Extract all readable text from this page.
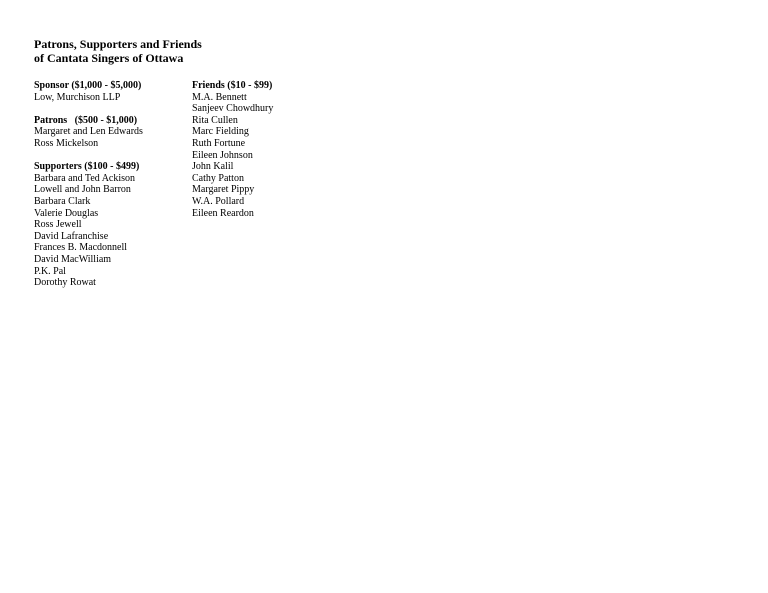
Patrons, Supporters and Friends
of Cantata Singers of Ottawa
Sponsor ($1,000 - $5,000)
Low, Murchison LLP
Patrons   ($500 - $1,000)
Margaret and Len Edwards
Ross Mickelson
Supporters ($100 - $499)
Barbara and Ted Ackison
Lowell and John Barron
Barbara Clark
Valerie Douglas
Ross Jewell
David Lafranchise
Frances B. Macdonnell
David MacWilliam
P.K. Pal
Dorothy Rowat
Friends ($10 - $99)
M.A. Bennett
Sanjeev Chowdhury
Rita Cullen
Marc Fielding
Ruth Fortune
Eileen Johnson
John Kalil
Cathy Patton
Margaret Pippy
W.A. Pollard
Eileen Reardon
